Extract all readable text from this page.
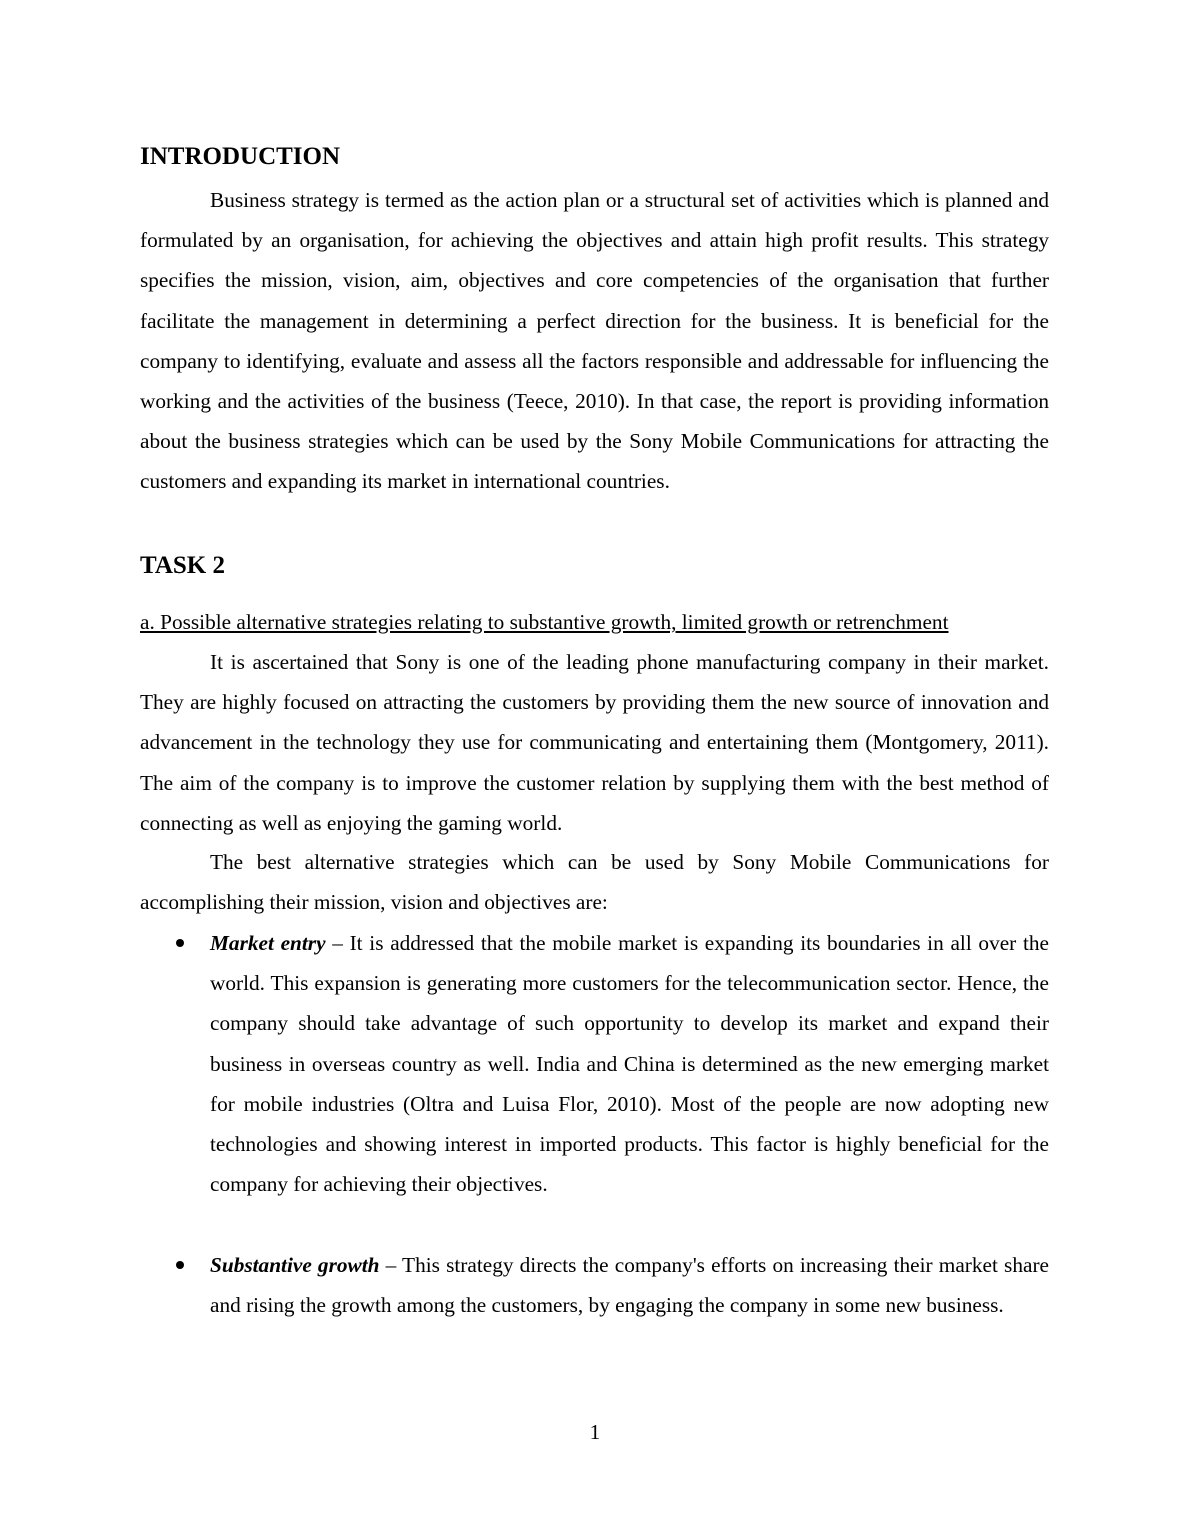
INTRODUCTION

Business strategy is termed as the action plan or a structural set of activities which is planned and formulated by an organisation, for achieving the objectives and attain high profit results. This strategy specifies the mission, vision, aim, objectives and core competencies of the organisation that further facilitate the management in determining a perfect direction for the business. It is beneficial for the company to identifying, evaluate and assess all the factors responsible and addressable for influencing the working and the activities of the business (Teece, 2010). In that case, the report is providing information about the business strategies which can be used by the Sony Mobile Communications for attracting the customers and expanding its market in international countries.

TASK 2

a. Possible alternative strategies relating to substantive growth, limited growth or retrenchment

It is ascertained that Sony is one of the leading phone manufacturing company in their market. They are highly focused on attracting the customers by providing them the new source of innovation and advancement in the technology they use for communicating and entertaining them (Montgomery, 2011). The aim of the company is to improve the customer relation by supplying them with the best method of connecting as well as enjoying the gaming world.

The best alternative strategies which can be used by Sony Mobile Communications for accomplishing their mission, vision and objectives are:

Market entry – It is addressed that the mobile market is expanding its boundaries in all over the world. This expansion is generating more customers for the telecommunication sector. Hence, the company should take advantage of such opportunity to develop its market and expand their business in overseas country as well. India and China is determined as the new emerging market for mobile industries (Oltra and Luisa Flor, 2010). Most of the people are now adopting new technologies and showing interest in imported products. This factor is highly beneficial for the company for achieving their objectives.
Substantive growth – This strategy directs the company's efforts on increasing their market share and rising the growth among the customers, by engaging the company in some new business.
1
